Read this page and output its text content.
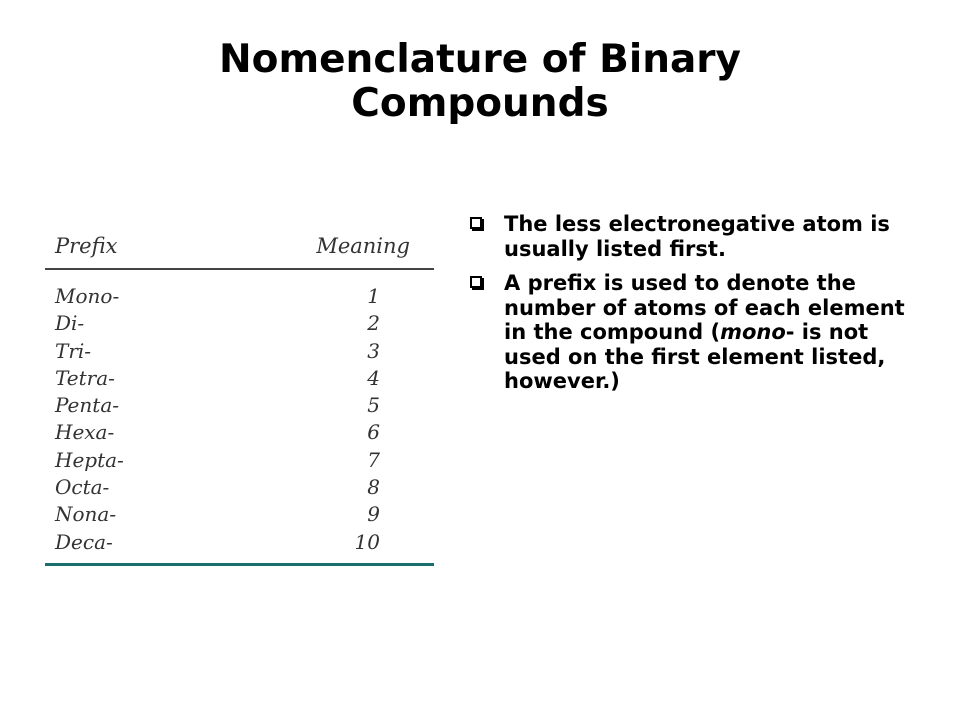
Nomenclature of Binary
Compounds
Prefix	Meaning
Mono-	1
Di-	2
Tri-	3
Tetra-	4
Penta-	5
Hexa-	6
Hepta-	7
Octa-	8
Nona-	9
Deca-	10
The less electronegative atom is usually listed first.
A prefix is used to denote the number of atoms of each element in the compound (mono- is not used on the first element listed, however.)
